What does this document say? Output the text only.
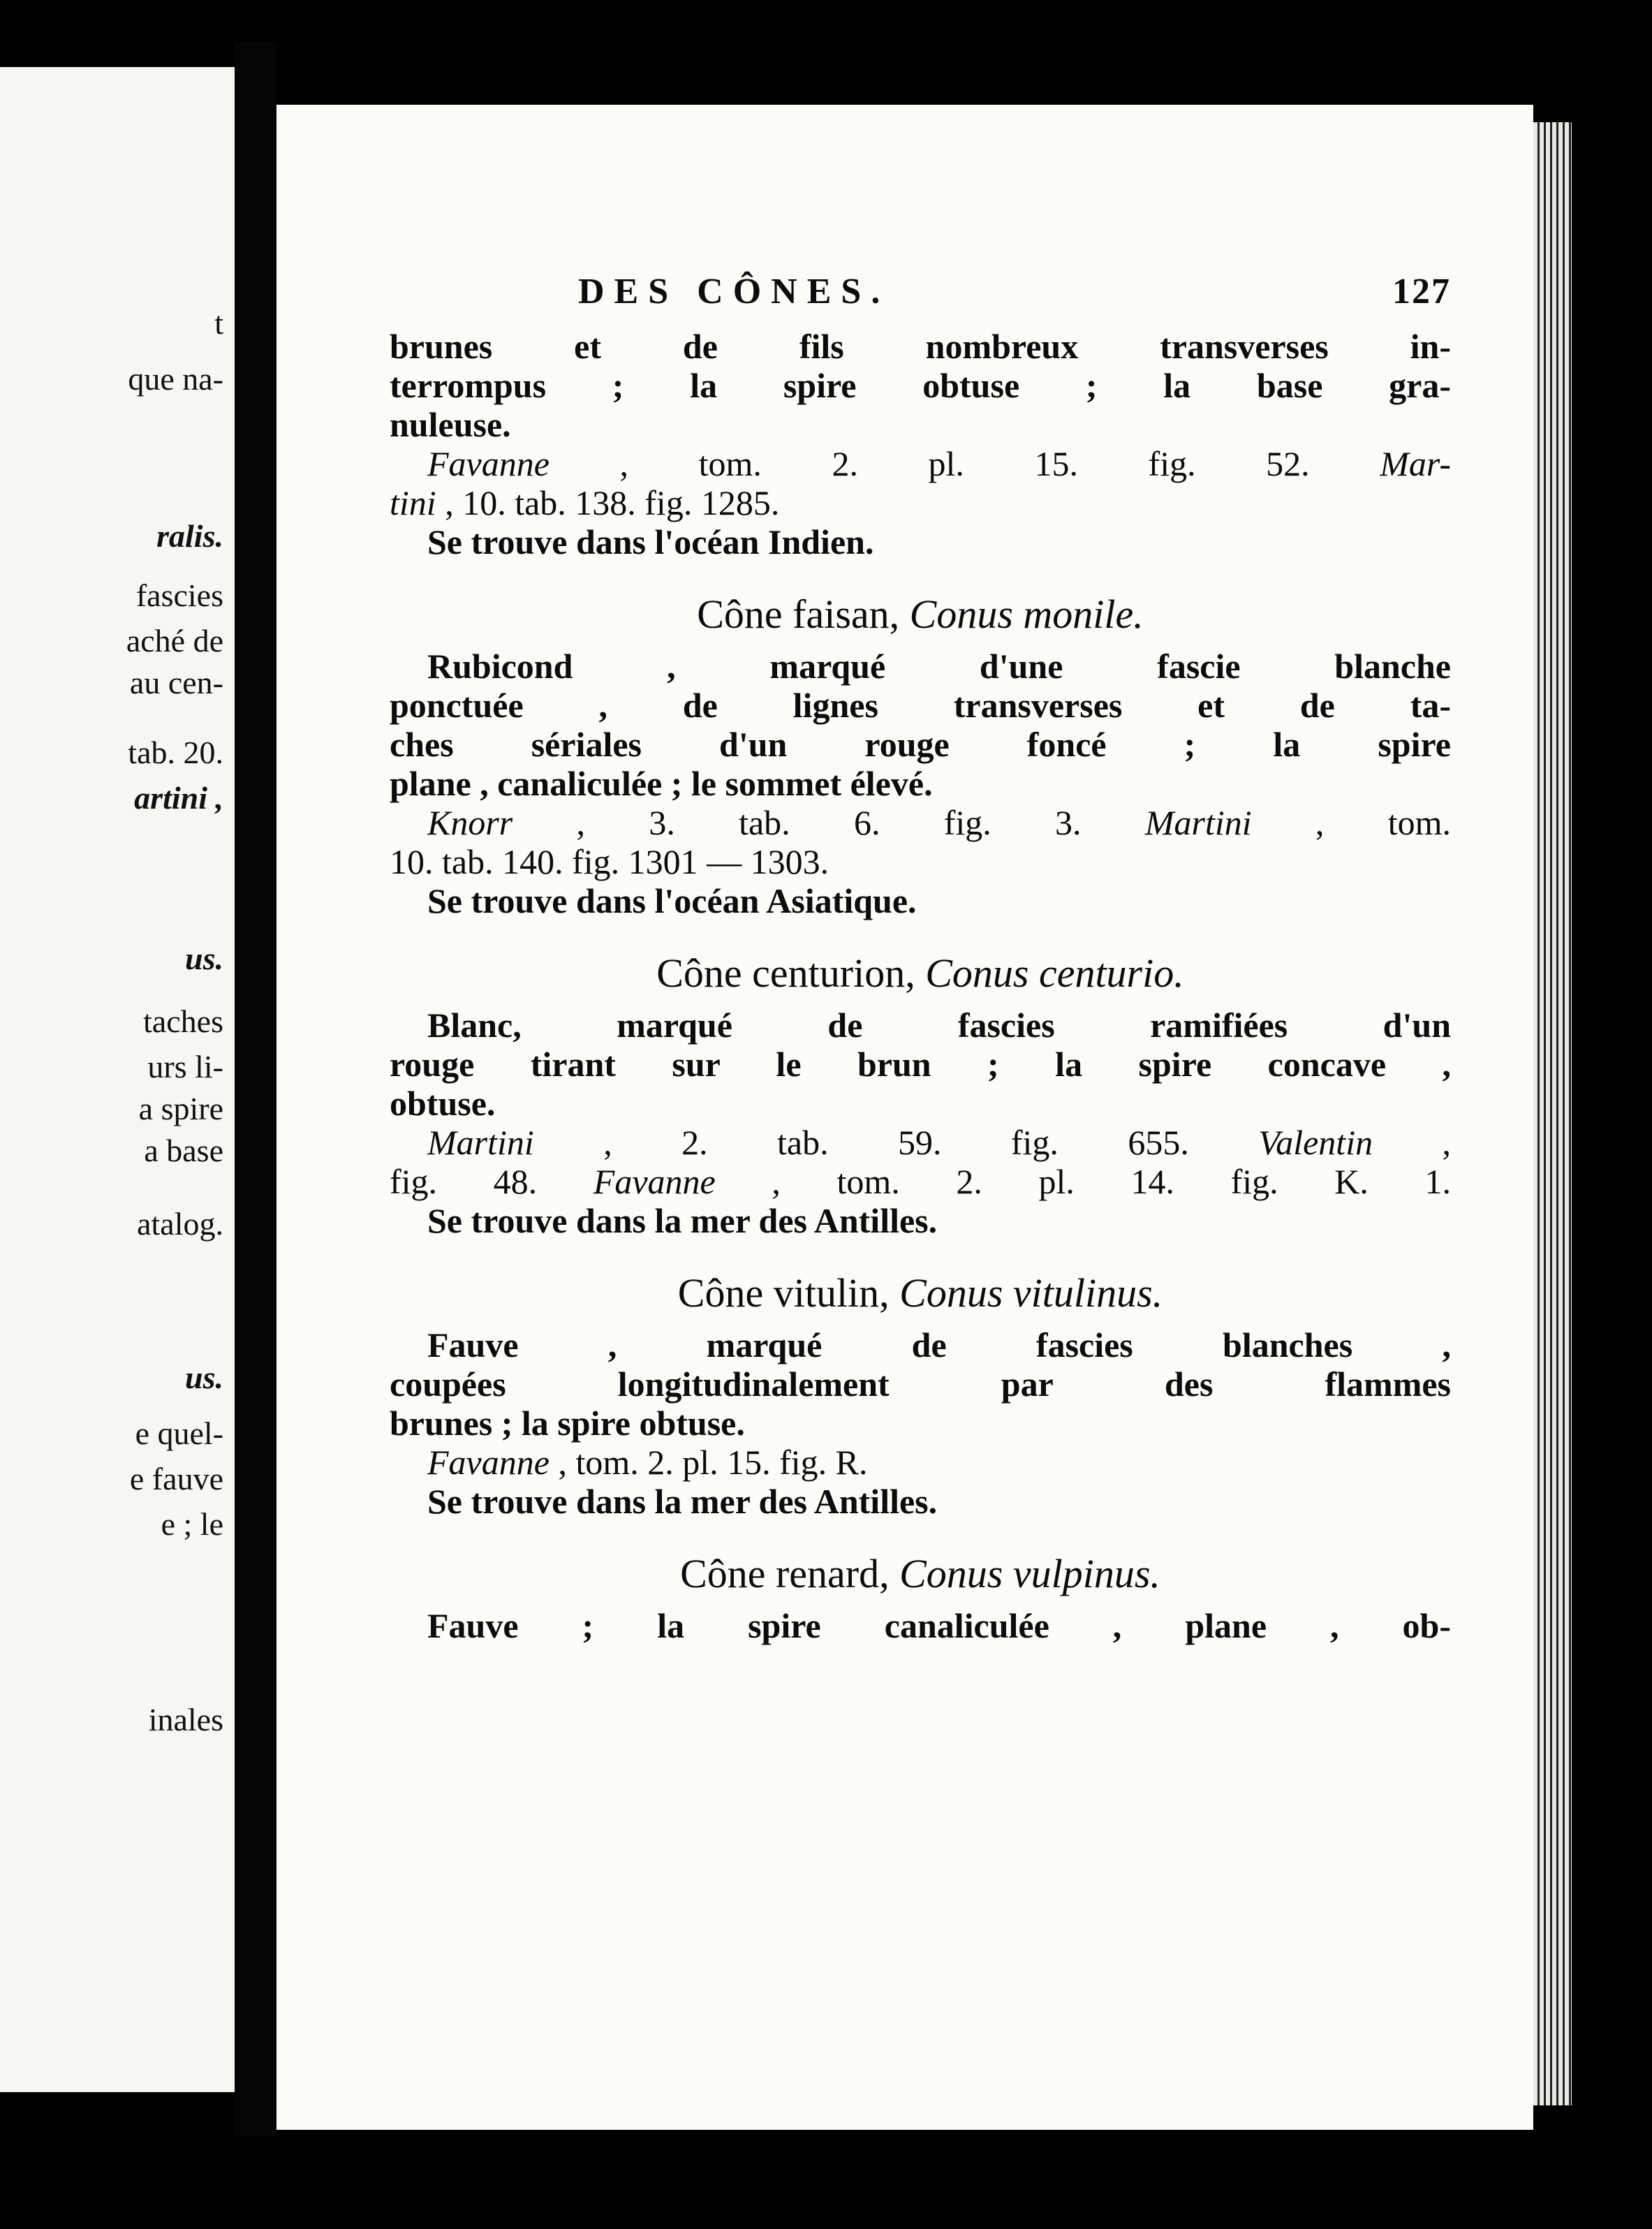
t
que na-
ralis.
fascies
aché de
au cen-
tab. 20.
artini ,
us.
taches
urs li-
a spire
a base
atalog.
us.
e quel-
e fauve
e ; le
inales
DES CÔNES.	127
brunes et de fils nombreux transverses in-
terrompus ; la spire obtuse ; la base gra-
nuleuse.
Favanne , tom. 2. pl. 15. fig. 52. Mar-
tini , 10. tab. 138. fig. 1285.
Se trouve dans l'océan Indien.
Cône faisan, Conus monile.
Rubicond , marqué d'une fascie blanche
ponctuée , de lignes transverses et de ta-
ches sériales d'un rouge foncé ; la spire
plane , canaliculée ; le sommet élevé.
Knorr , 3. tab. 6. fig. 3. Martini , tom.
10. tab. 140. fig. 1301 — 1303.
Se trouve dans l'océan Asiatique.
Cône centurion, Conus centurio.
Blanc, marqué de fascies ramifiées d'un
rouge tirant sur le brun ; la spire concave ,
obtuse.
Martini , 2. tab. 59. fig. 655. Valentin ,
fig. 48. Favanne , tom. 2. pl. 14. fig. K. 1.
Se trouve dans la mer des Antilles.
Cône vitulin, Conus vitulinus.
Fauve , marqué de fascies blanches ,
coupées longitudinalement par des flammes
brunes ; la spire obtuse.
Favanne , tom. 2. pl. 15. fig. R.
Se trouve dans la mer des Antilles.
Cône renard, Conus vulpinus.
Fauve ; la spire canaliculée , plane , ob-
